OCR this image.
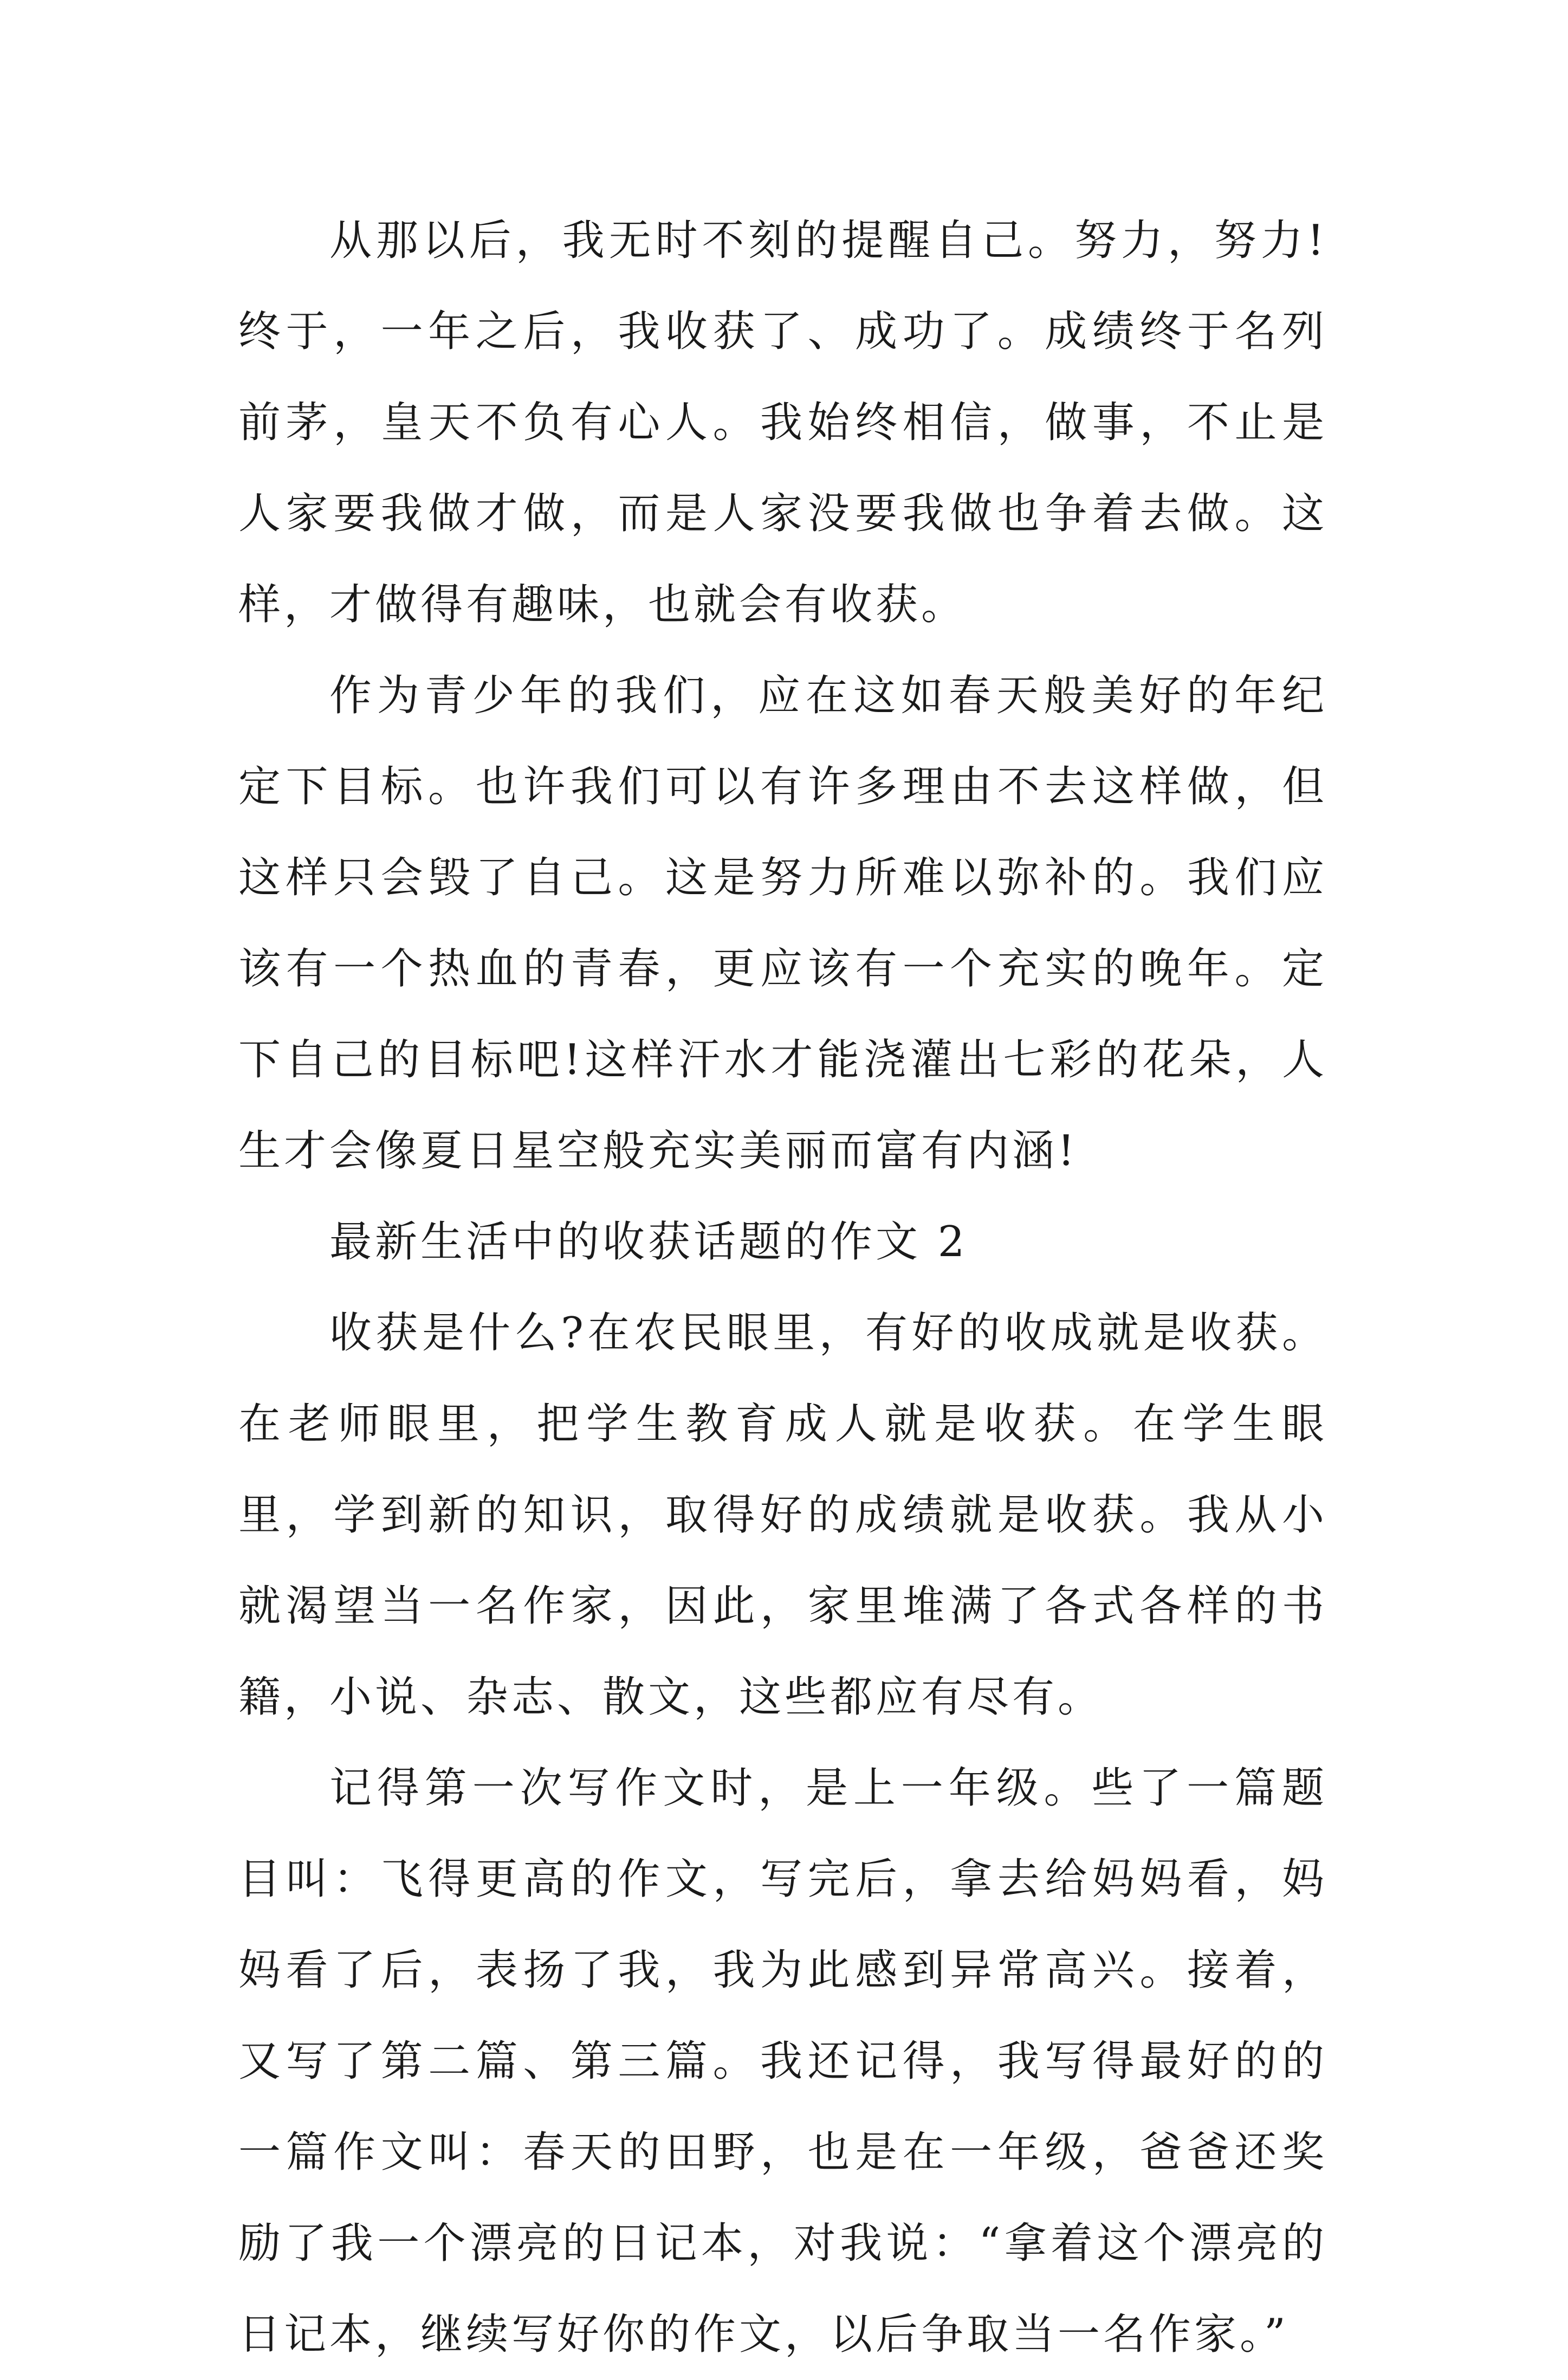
从那以后，我无时不刻的提醒自己。努力，努力!终于，一年之后，我收获了、成功了。成绩终于名列前茅，皇天不负有心人。我始终相信，做事，不止是人家要我做才做，而是人家没要我做也争着去做。这样，才做得有趣味，也就会有收获。

作为青少年的我们，应在这如春天般美好的年纪定下目标。也许我们可以有许多理由不去这样做，但这样只会毁了自己。这是努力所难以弥补的。我们应该有一个热血的青春，更应该有一个充实的晚年。定下自己的目标吧!这样汗水才能浇灌出七彩的花朵，人生才会像夏日星空般充实美丽而富有内涵!

最新生活中的收获话题的作文 2

收获是什么?在农民眼里，有好的收成就是收获。在老师眼里，把学生教育成人就是收获。在学生眼里，学到新的知识，取得好的成绩就是收获。我从小就渴望当一名作家，因此，家里堆满了各式各样的书籍，小说、杂志、散文，这些都应有尽有。

记得第一次写作文时，是上一年级。些了一篇题目叫：飞得更高的作文，写完后，拿去给妈妈看，妈妈看了后，表扬了我，我为此感到异常高兴。接着，又写了第二篇、第三篇。我还记得，我写得最好的的一篇作文叫：春天的田野，也是在一年级，爸爸还奖励了我一个漂亮的日记本，对我说：“拿着这个漂亮的日记本，继续写好你的作文，以后争取当一名作家。”
